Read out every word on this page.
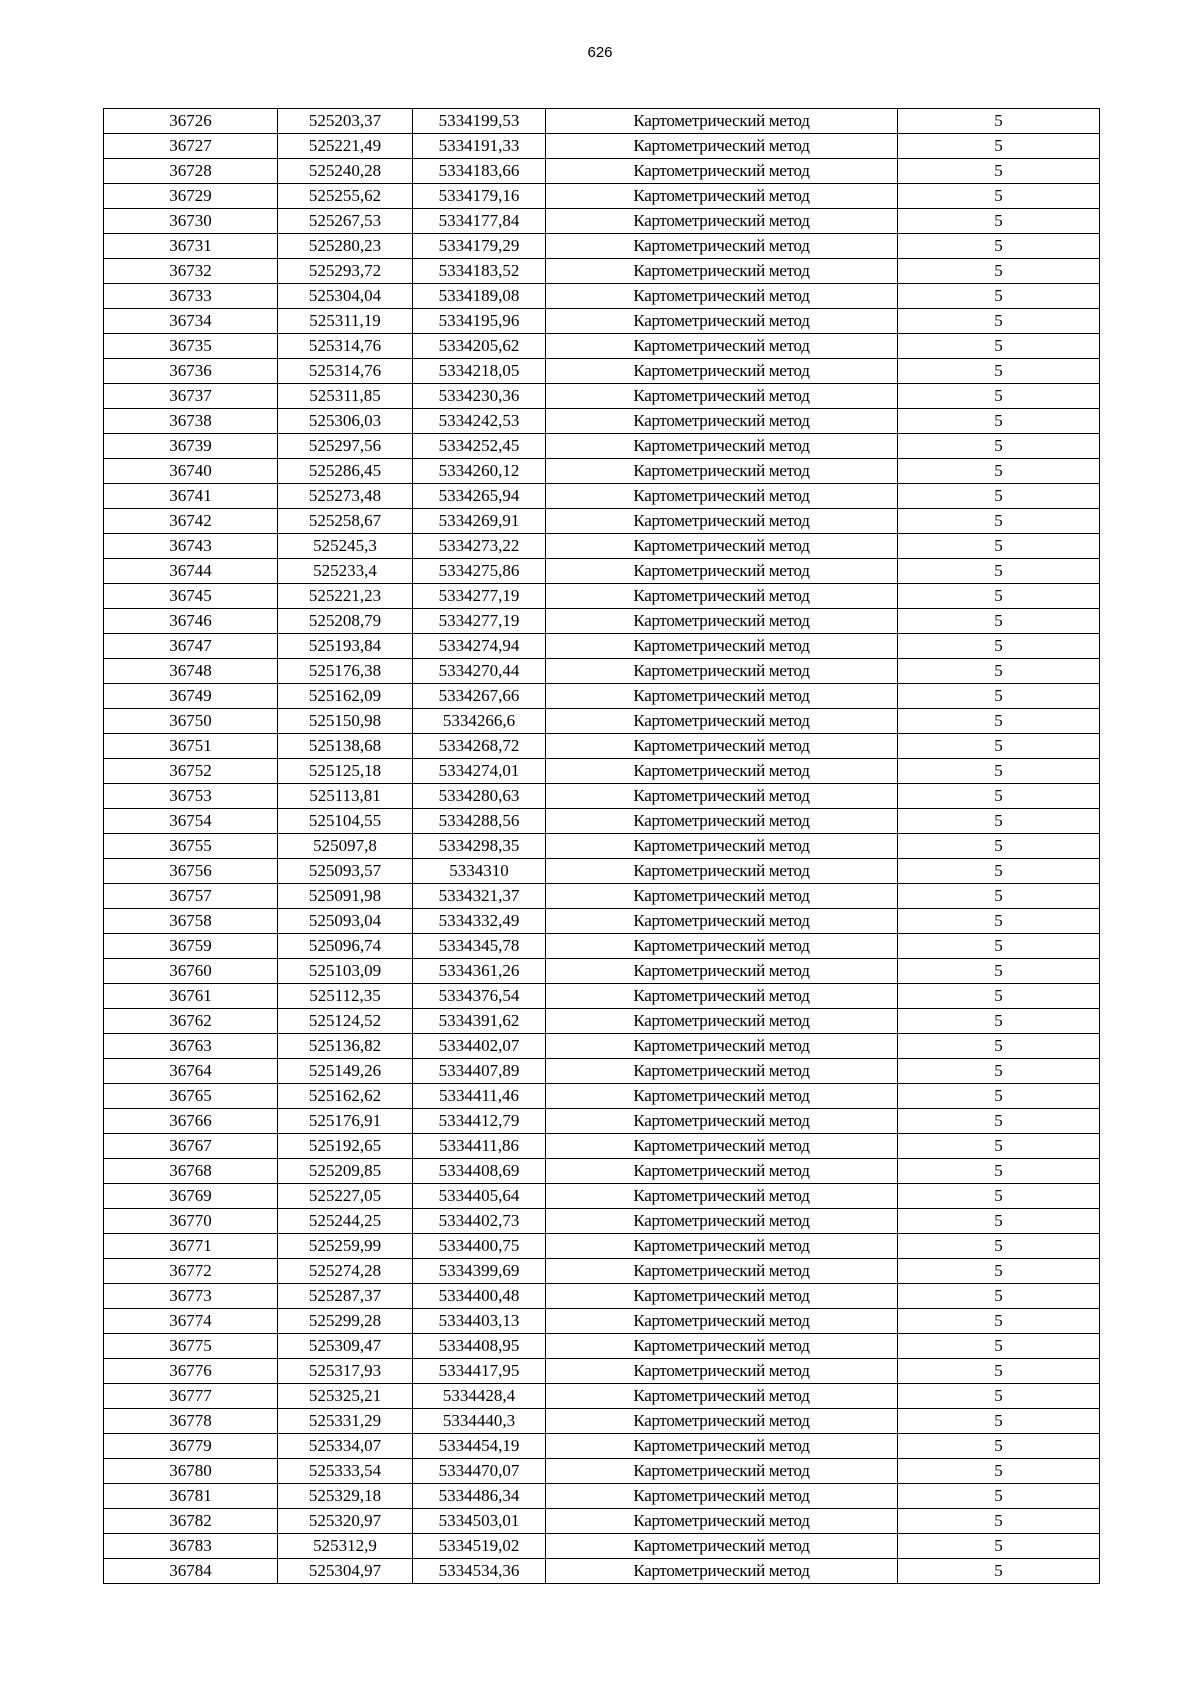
626
36726	525203,37	5334199,53	Картометрический метод	5
36727	525221,49	5334191,33	Картометрический метод	5
36728	525240,28	5334183,66	Картометрический метод	5
36729	525255,62	5334179,16	Картометрический метод	5
36730	525267,53	5334177,84	Картометрический метод	5
36731	525280,23	5334179,29	Картометрический метод	5
36732	525293,72	5334183,52	Картометрический метод	5
36733	525304,04	5334189,08	Картометрический метод	5
36734	525311,19	5334195,96	Картометрический метод	5
36735	525314,76	5334205,62	Картометрический метод	5
36736	525314,76	5334218,05	Картометрический метод	5
36737	525311,85	5334230,36	Картометрический метод	5
36738	525306,03	5334242,53	Картометрический метод	5
36739	525297,56	5334252,45	Картометрический метод	5
36740	525286,45	5334260,12	Картометрический метод	5
36741	525273,48	5334265,94	Картометрический метод	5
36742	525258,67	5334269,91	Картометрический метод	5
36743	525245,3	5334273,22	Картометрический метод	5
36744	525233,4	5334275,86	Картометрический метод	5
36745	525221,23	5334277,19	Картометрический метод	5
36746	525208,79	5334277,19	Картометрический метод	5
36747	525193,84	5334274,94	Картометрический метод	5
36748	525176,38	5334270,44	Картометрический метод	5
36749	525162,09	5334267,66	Картометрический метод	5
36750	525150,98	5334266,6	Картометрический метод	5
36751	525138,68	5334268,72	Картометрический метод	5
36752	525125,18	5334274,01	Картометрический метод	5
36753	525113,81	5334280,63	Картометрический метод	5
36754	525104,55	5334288,56	Картометрический метод	5
36755	525097,8	5334298,35	Картометрический метод	5
36756	525093,57	5334310	Картометрический метод	5
36757	525091,98	5334321,37	Картометрический метод	5
36758	525093,04	5334332,49	Картометрический метод	5
36759	525096,74	5334345,78	Картометрический метод	5
36760	525103,09	5334361,26	Картометрический метод	5
36761	525112,35	5334376,54	Картометрический метод	5
36762	525124,52	5334391,62	Картометрический метод	5
36763	525136,82	5334402,07	Картометрический метод	5
36764	525149,26	5334407,89	Картометрический метод	5
36765	525162,62	5334411,46	Картометрический метод	5
36766	525176,91	5334412,79	Картометрический метод	5
36767	525192,65	5334411,86	Картометрический метод	5
36768	525209,85	5334408,69	Картометрический метод	5
36769	525227,05	5334405,64	Картометрический метод	5
36770	525244,25	5334402,73	Картометрический метод	5
36771	525259,99	5334400,75	Картометрический метод	5
36772	525274,28	5334399,69	Картометрический метод	5
36773	525287,37	5334400,48	Картометрический метод	5
36774	525299,28	5334403,13	Картометрический метод	5
36775	525309,47	5334408,95	Картометрический метод	5
36776	525317,93	5334417,95	Картометрический метод	5
36777	525325,21	5334428,4	Картометрический метод	5
36778	525331,29	5334440,3	Картометрический метод	5
36779	525334,07	5334454,19	Картометрический метод	5
36780	525333,54	5334470,07	Картометрический метод	5
36781	525329,18	5334486,34	Картометрический метод	5
36782	525320,97	5334503,01	Картометрический метод	5
36783	525312,9	5334519,02	Картометрический метод	5
36784	525304,97	5334534,36	Картометрический метод	5
